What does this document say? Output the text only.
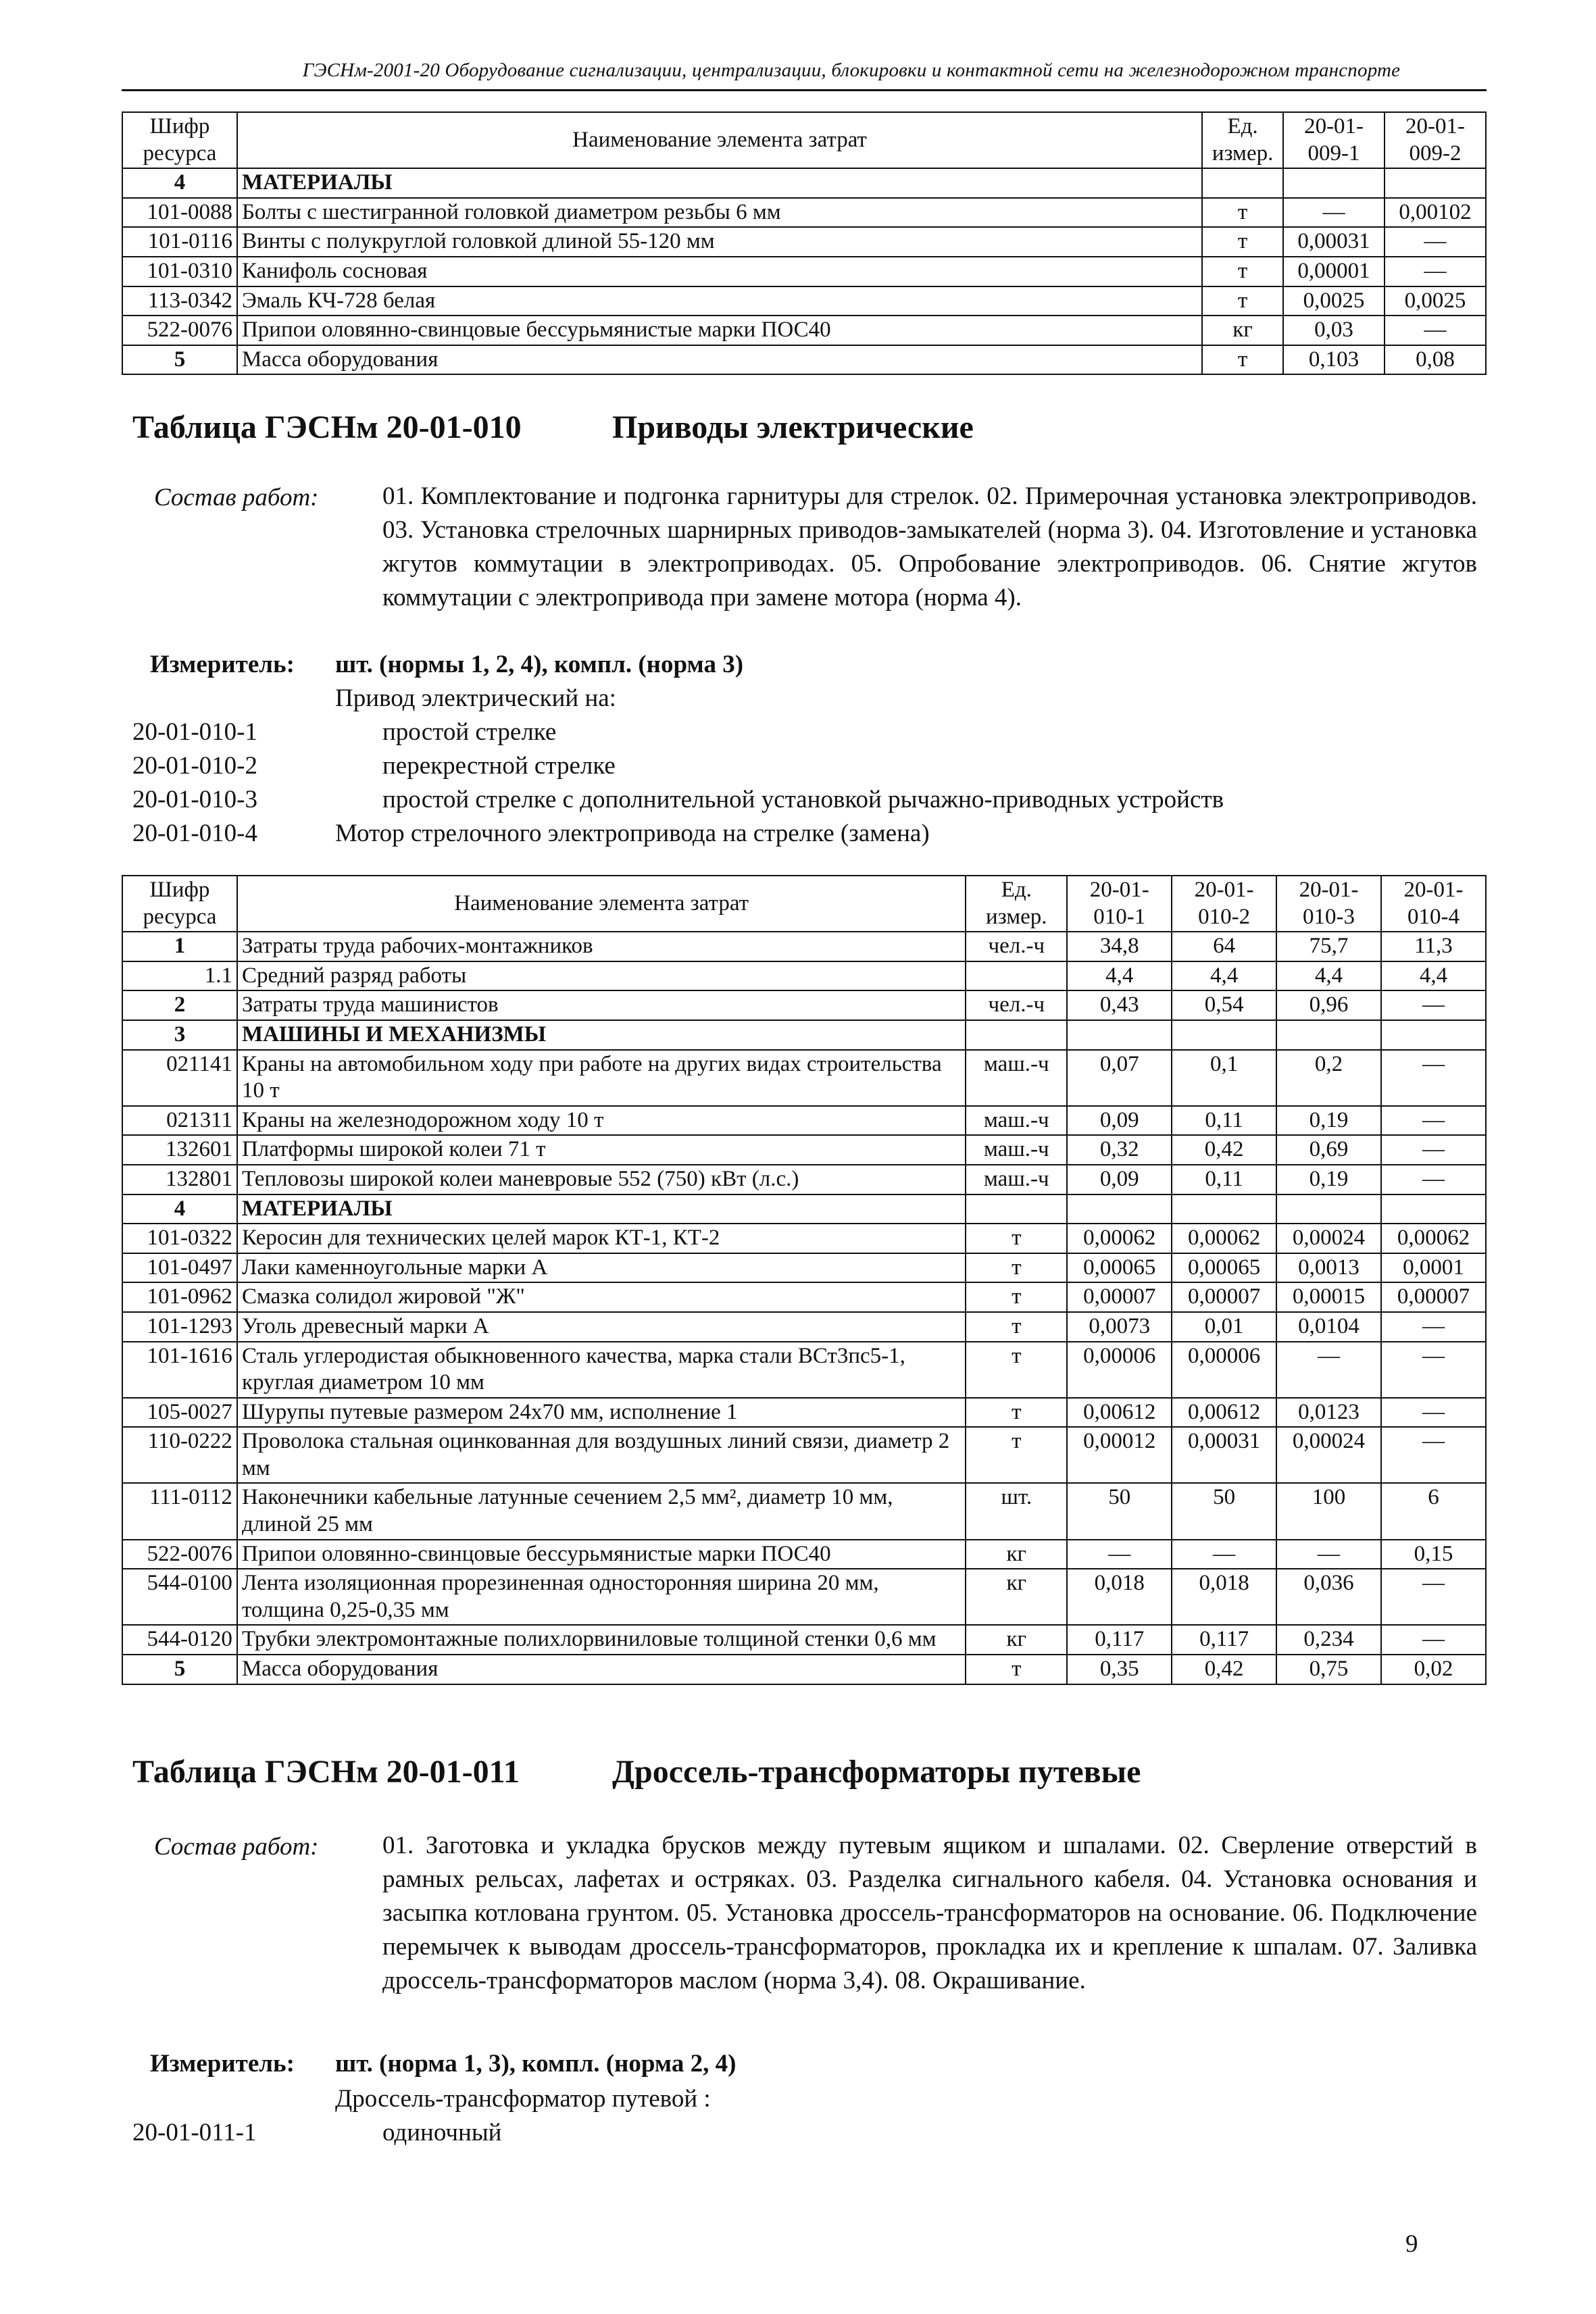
ГЭСНм-2001-20 Оборудование сигнализации, централизации, блокировки и контактной сети на железнодорожном транспорте
Шифр ресурса	Наименование элемента затрат	Ед. измер.	20-01-009-1	20-01-009-2
4	МАТЕРИАЛЫ			
101-0088	Болты с шестигранной головкой диаметром резьбы 6 мм	т	—	0,00102
101-0116	Винты с полукруглой головкой длиной 55-120 мм	т	0,00031	—
101-0310	Канифоль сосновая	т	0,00001	—
113-0342	Эмаль КЧ-728 белая	т	0,0025	0,0025
522-0076	Припои оловянно-свинцовые бессурьмянистые марки ПОС40	кг	0,03	—
5	Масса оборудования	т	0,103	0,08
Таблица ГЭСНм 20-01-010	Приводы электрические
Состав работ:	01. Комплектование и подгонка гарнитуры для стрелок. 02. Примерочная установка электроприводов. 03. Установка стрелочных шарнирных приводов-замыкателей (норма 3). 04. Изготовление и установка жгутов коммутации в электроприводах. 05. Опробование электроприводов. 06. Снятие жгутов коммутации с электропривода при замене мотора (норма 4).
Измеритель: шт. (нормы 1, 2, 4), компл. (норма 3)
Привод электрический на:
20-01-010-1	простой стрелке
20-01-010-2	перекрестной стрелке
20-01-010-3	простой стрелке с дополнительной установкой рычажно-приводных устройств
20-01-010-4	Мотор стрелочного электропривода на стрелке (замена)
Шифр ресурса	Наименование элемента затрат	Ед. измер.	20-01-010-1	20-01-010-2	20-01-010-3	20-01-010-4
1	Затраты труда рабочих-монтажников	чел.-ч	34,8	64	75,7	11,3
1.1	Средний разряд работы		4,4	4,4	4,4	4,4
2	Затраты труда машинистов	чел.-ч	0,43	0,54	0,96	—
3	МАШИНЫ И МЕХАНИЗМЫ					
021141	Краны на автомобильном ходу при работе на других видах строительства 10 т	маш.-ч	0,07	0,1	0,2	—
021311	Краны на железнодорожном ходу 10 т	маш.-ч	0,09	0,11	0,19	—
132601	Платформы широкой колеи 71 т	маш.-ч	0,32	0,42	0,69	—
132801	Тепловозы широкой колеи маневровые 552 (750) кВт (л.с.)	маш.-ч	0,09	0,11	0,19	—
4	МАТЕРИАЛЫ					
101-0322	Керосин для технических целей марок КТ-1, КТ-2	т	0,00062	0,00062	0,00024	0,00062
101-0497	Лаки каменноугольные марки А	т	0,00065	0,00065	0,0013	0,0001
101-0962	Смазка солидол жировой "Ж"	т	0,00007	0,00007	0,00015	0,00007
101-1293	Уголь древесный марки А	т	0,0073	0,01	0,0104	—
101-1616	Сталь углеродистая обыкновенного качества, марка стали ВСт3пс5-1, круглая диаметром 10 мм	т	0,00006	0,00006	—	—
105-0027	Шурупы путевые размером 24х70 мм, исполнение 1	т	0,00612	0,00612	0,0123	—
110-0222	Проволока стальная оцинкованная для воздушных линий связи, диаметр 2 мм	т	0,00012	0,00031	0,00024	—
111-0112	Наконечники кабельные латунные сечением 2,5 мм², диаметр 10 мм, длиной 25 мм	шт.	50	50	100	6
522-0076	Припои оловянно-свинцовые бессурьмянистые марки ПОС40	кг	—	—	—	0,15
544-0100	Лента изоляционная прорезиненная односторонняя ширина 20 мм, толщина 0,25-0,35 мм	кг	0,018	0,018	0,036	—
544-0120	Трубки электромонтажные полихлорвиниловые толщиной стенки 0,6 мм	кг	0,117	0,117	0,234	—
5	Масса оборудования	т	0,35	0,42	0,75	0,02
Таблица ГЭСНм 20-01-011	Дроссель-трансформаторы путевые
Состав работ:	01. Заготовка и укладка брусков между путевым ящиком и шпалами. 02. Сверление отверстий в рамных рельсах, лафетах и остряках. 03. Разделка сигнального кабеля. 04. Установка основания и засыпка котлована грунтом. 05. Установка дроссель-трансформаторов на основание. 06. Подключение перемычек к выводам дроссель-трансформаторов, прокладка их и крепление к шпалам. 07. Заливка дроссель-трансформаторов маслом (норма 3,4). 08. Окрашивание.
Измеритель: шт. (норма 1, 3), компл. (норма 2, 4)
Дроссель-трансформатор путевой :
20-01-011-1	одиночный
9
